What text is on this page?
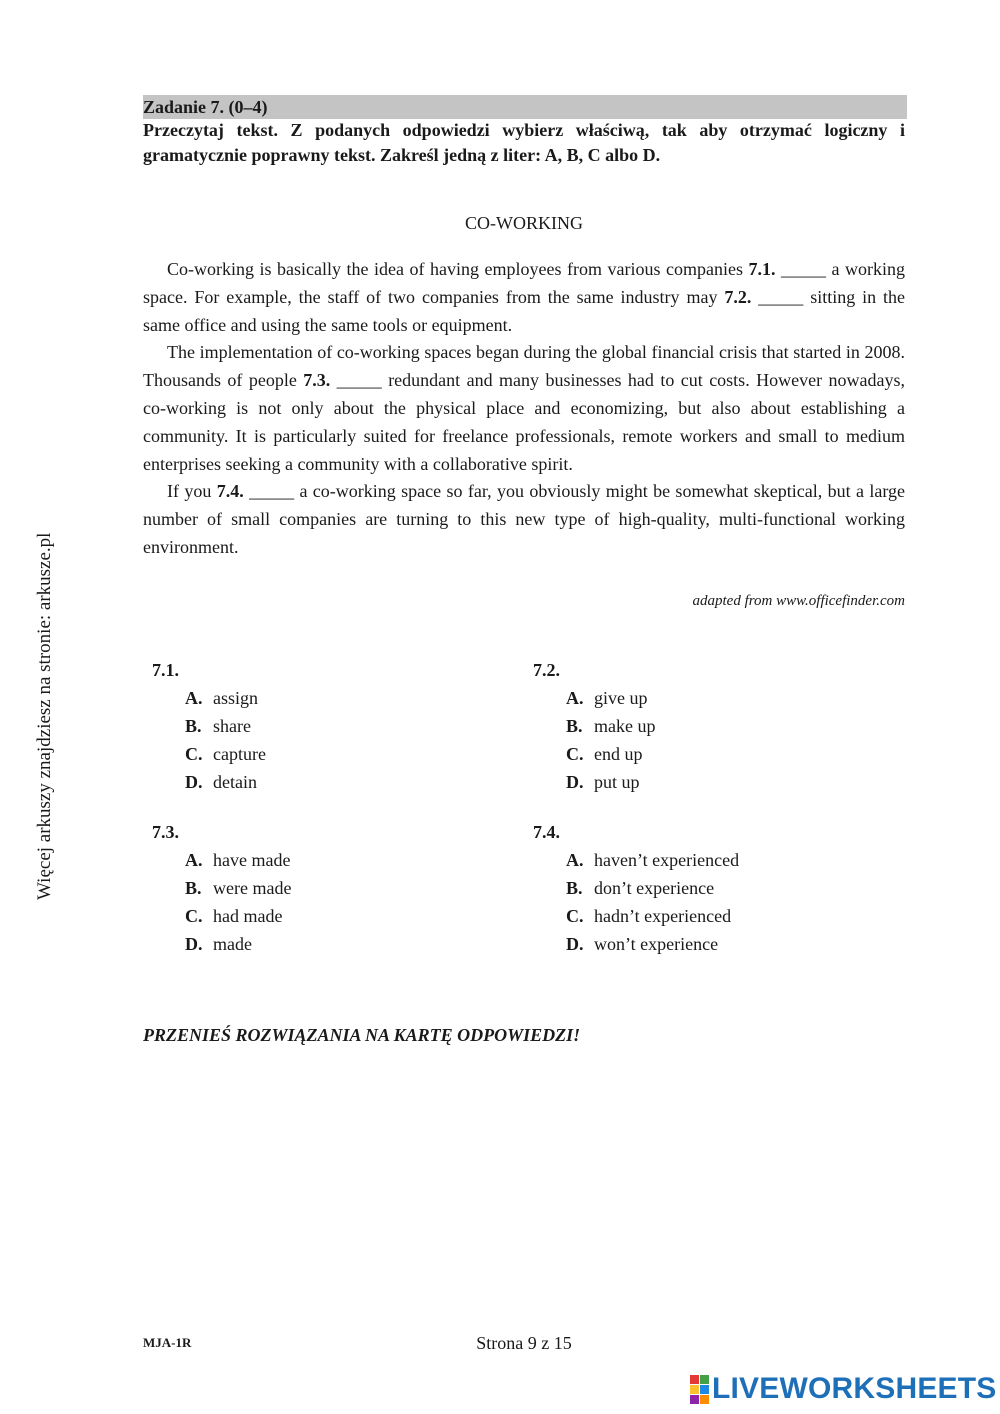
Więcej arkuszy znajdziesz na stronie: arkusze.pl
Zadanie 7. (0–4)
Przeczytaj tekst. Z podanych odpowiedzi wybierz właściwą, tak aby otrzymać logiczny i gramatycznie poprawny tekst. Zakreśl jedną z liter: A, B, C albo D.
CO-WORKING

Co-working is basically the idea of having employees from various companies 7.1. _____ a working space. For example, the staff of two companies from the same industry may 7.2. _____ sitting in the same office and using the same tools or equipment.

The implementation of co-working spaces began during the global financial crisis that started in 2008. Thousands of people 7.3. _____ redundant and many businesses had to cut costs. However nowadays, co-working is not only about the physical place and economizing, but also about establishing a community. It is particularly suited for freelance professionals, remote workers and small to medium enterprises seeking a community with a collaborative spirit.

If you 7.4. _____ a co-working space so far, you obviously might be somewhat skeptical, but a large number of small companies are turning to this new type of high-quality, multi-functional working environment.

adapted from www.officefinder.com
7.1.
A. assign
B. share
C. capture
D. detain
7.2.
A. give up
B. make up
C. end up
D. put up
7.3.
A. have made
B. were made
C. had made
D. made
7.4.
A. haven’t experienced
B. don’t experience
C. hadn’t experienced
D. won’t experience
PRZENIEŚ ROZWIĄZANIA NA KARTĘ ODPOWIEDZI!
MJA-1R	Strona 9 z 15
LIVEWORKSHEETS
